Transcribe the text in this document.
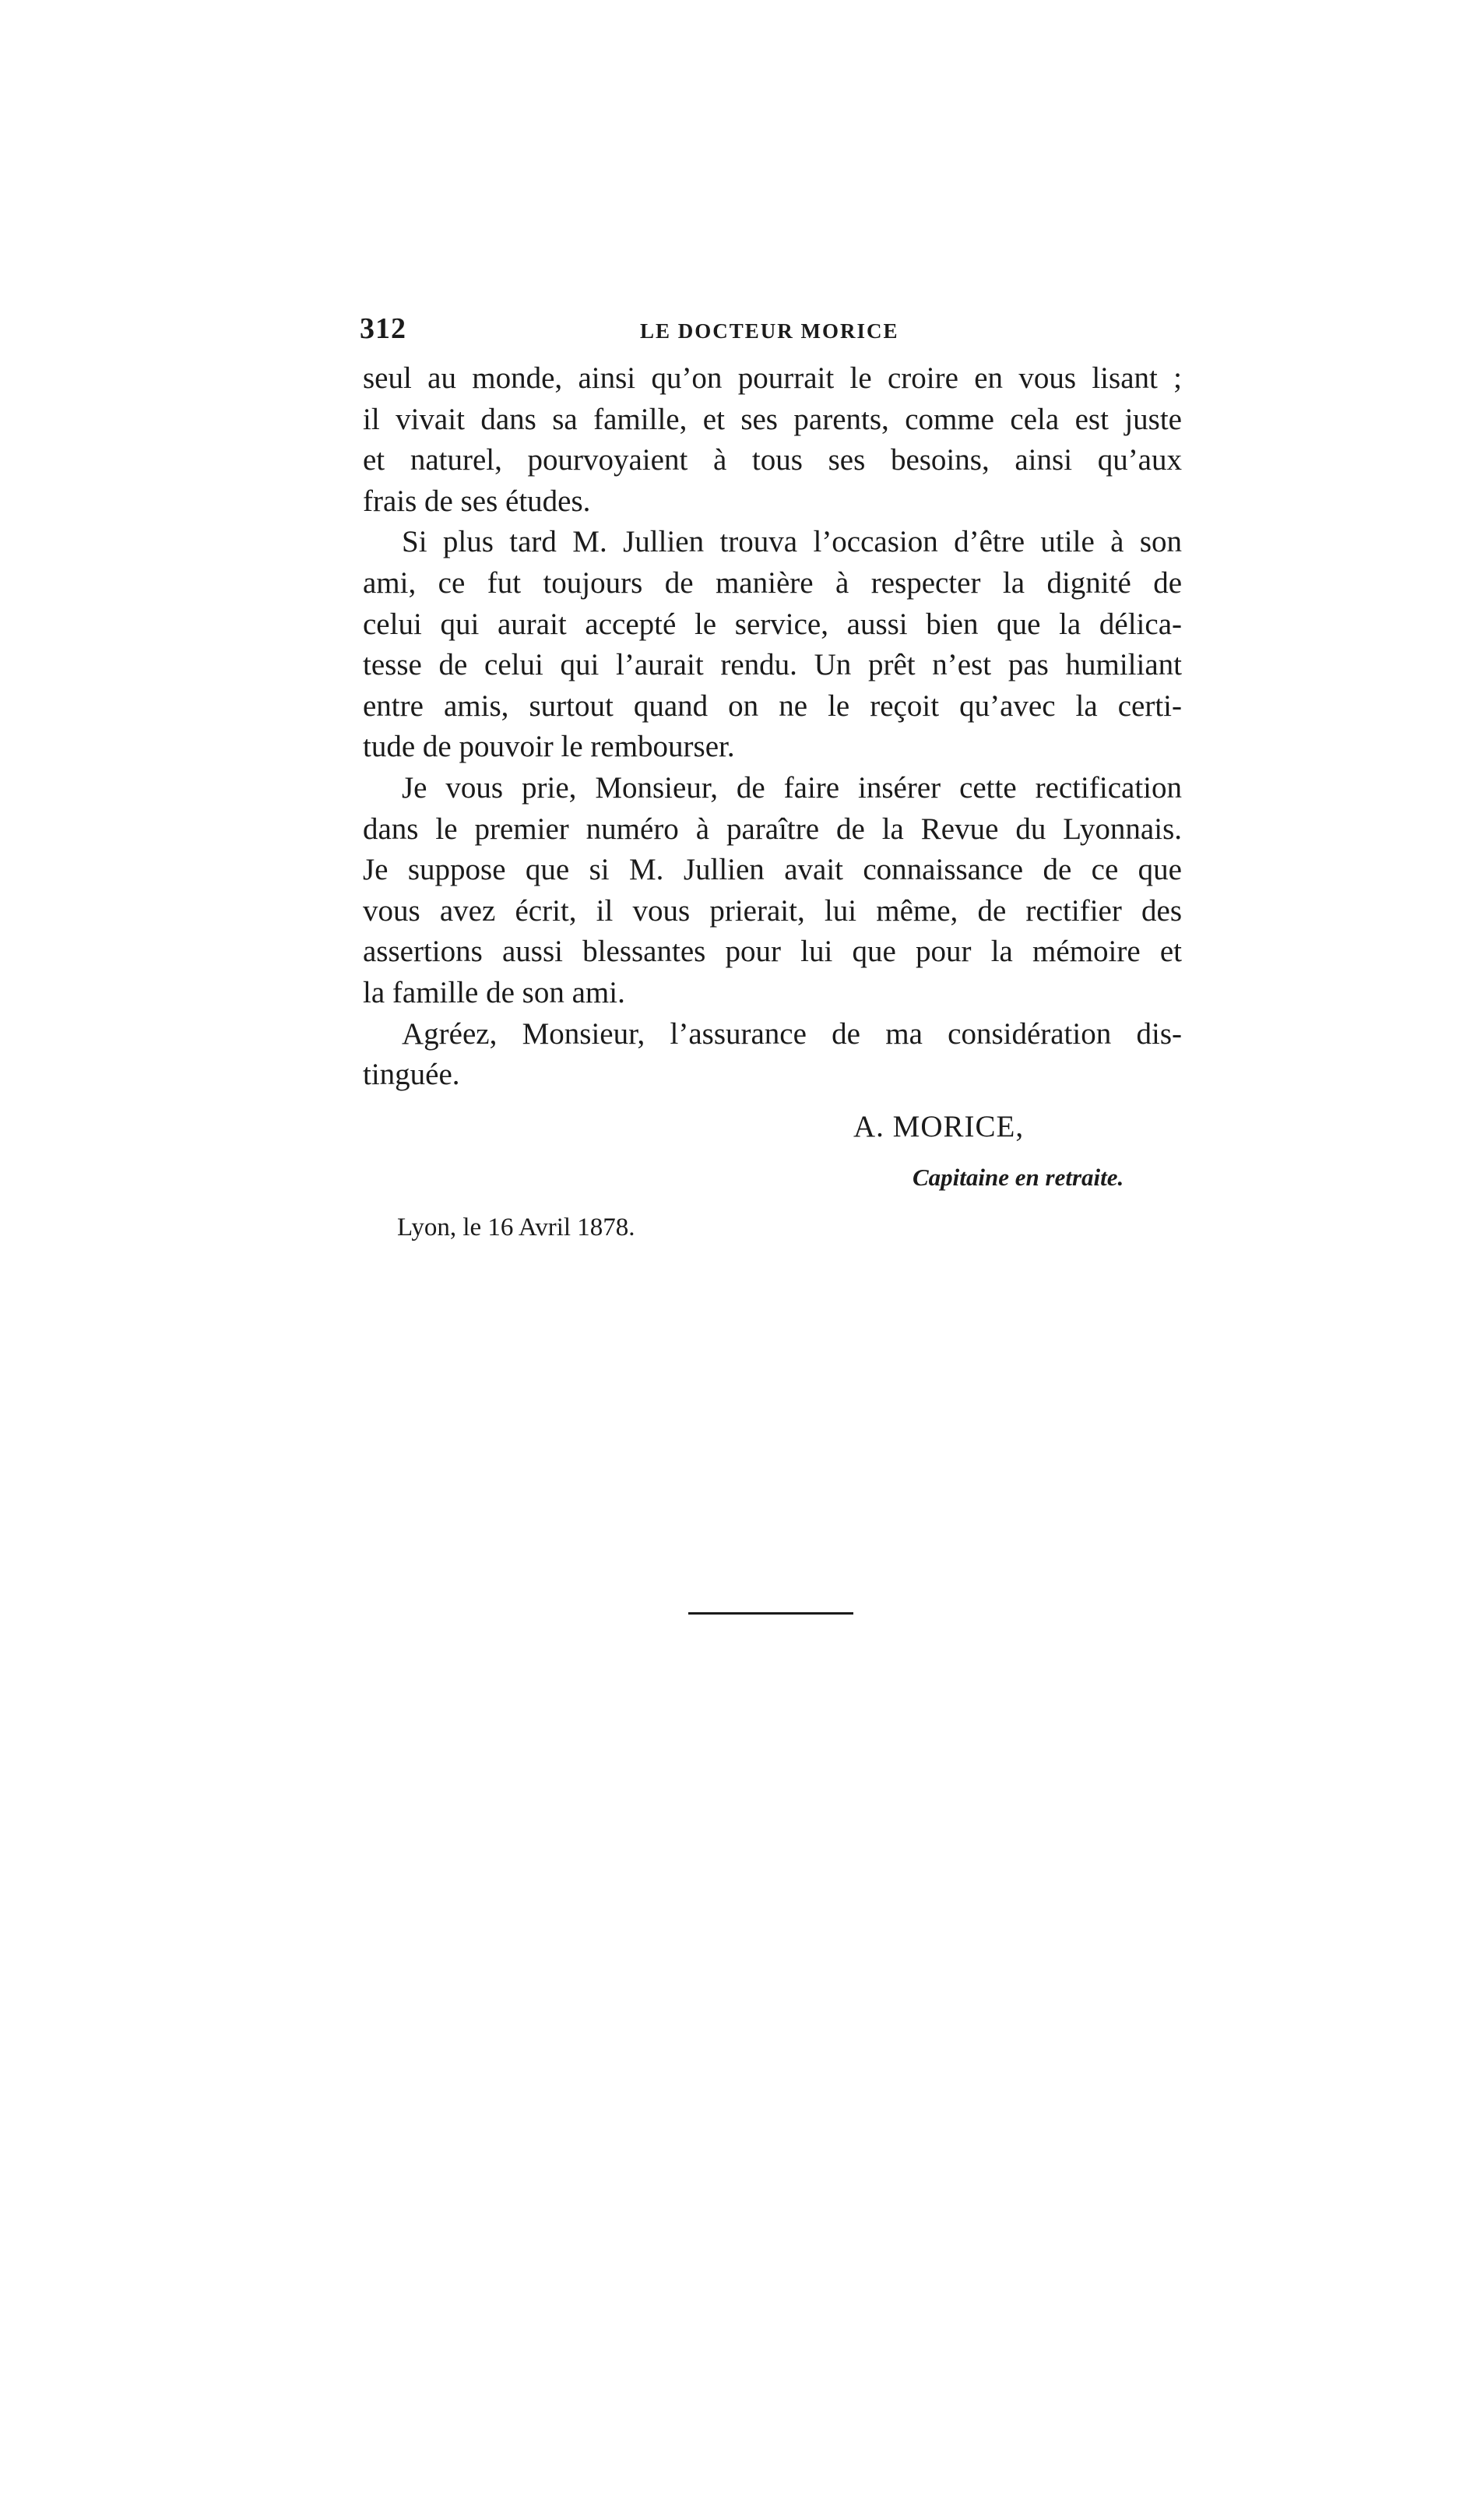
312	LE DOCTEUR MORICE
seul au monde, ainsi qu’on pourrait le croire en vous lisant ;
il vivait dans sa famille, et ses parents, comme cela est juste
et naturel, pourvoyaient à tous ses besoins, ainsi qu’aux
frais de ses études.
Si plus tard M. Jullien trouva l’occasion d’être utile à son
ami, ce fut toujours de manière à respecter la dignité de
celui qui aurait accepté le service, aussi bien que la délica-
tesse de celui qui l’aurait rendu. Un prêt n’est pas humiliant
entre amis, surtout quand on ne le reçoit qu’avec la certi-
tude de pouvoir le rembourser.
Je vous prie, Monsieur, de faire insérer cette rectification
dans le premier numéro à paraître de la Revue du Lyonnais.
Je suppose que si M. Jullien avait connaissance de ce que
vous avez écrit, il vous prierait, lui même, de rectifier des
assertions aussi blessantes pour lui que pour la mémoire et
la famille de son ami.
Agréez, Monsieur, l’assurance de ma considération dis-
tinguée.
A. MORICE,
Capitaine en retraite.
Lyon, le 16 Avril 1878.
